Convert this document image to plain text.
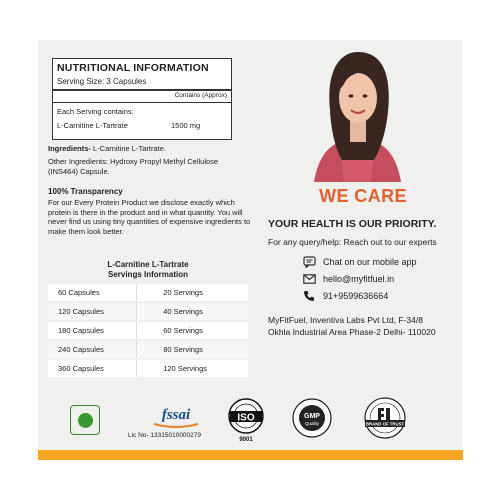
NUTRITIONAL INFORMATION
Serving Size: 3 Capsules
Contains (Approx)
Each Serving contains:
L-Carnitine L-Tartrate	1500 mg
Ingredients- L-Carnitine L-Tartrate.
Other Ingredients: Hydroxy Propyl Methyl Cellulose (INS464) Capsule.
100% Transparency
For our Every Protein Product we disclose exactly which protein is there in the product and in what quantity. You will never find us using tiny quantities of expensive ingredients to make them look better.
L-Carnitine L-Tartrate
Servings Information
60 Capsules	20 Servings
120 Capsules	40 Servings
180 Capsules	60 Servings
240 Capsules	80 Servings
360 Capsules	120 Servings
WE CARE
YOUR HEALTH IS OUR PRIORITY.
For any query/help: Reach out to our experts
Chat on our mobile app
hello@myfitfuel.in
91+9599636664
MyFitFuel, Inventiva Labs Pvt Ltd, F-34/8
Okhla Industrial Area Phase-2 Delhi- 110020
fssai
Lic No- 13315010000279
ISO
9001
GMP
Quality	BRAND OF TRUST
